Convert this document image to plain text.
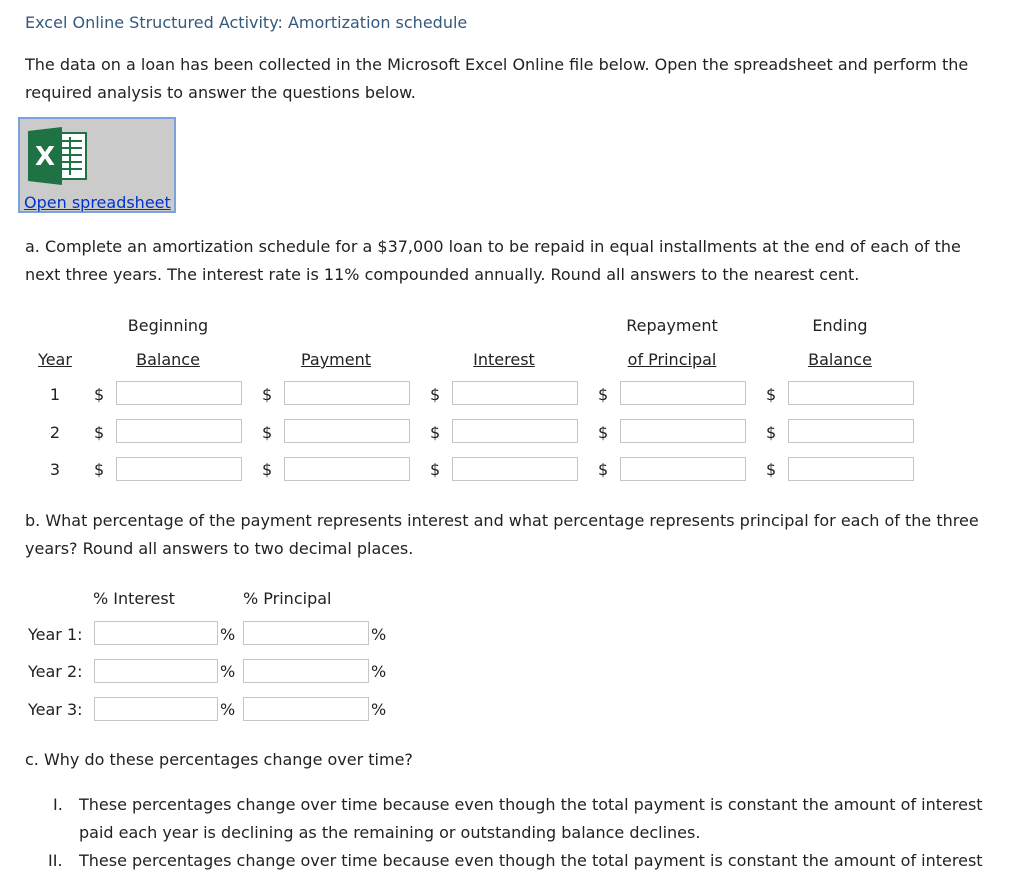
Excel Online Structured Activity: Amortization schedule
The data on a loan has been collected in the Microsoft Excel Online file below. Open the spreadsheet and perform the required analysis to answer the questions below.
X
Open spreadsheet
a. Complete an amortization schedule for a $37,000 loan to be repaid in equal installments at the end of each of the next three years. The interest rate is 11% compounded annually. Round all answers to the nearest cent.
Beginning	Repayment	Ending
Year	Balance	Payment	Interest	of Principal	Balance
1	$	$	$	$	$
2	$	$	$	$	$
3	$	$	$	$	$
b. What percentage of the payment represents interest and what percentage represents principal for each of the three years? Round all answers to two decimal places.
% Interest	% Principal
Year 1:	%	%
Year 2:	%	%
Year 3:	%	%
c. Why do these percentages change over time?
I. These percentages change over time because even though the total payment is constant the amount of interest paid each year is declining as the remaining or outstanding balance declines.
II. These percentages change over time because even though the total payment is constant the amount of interest
